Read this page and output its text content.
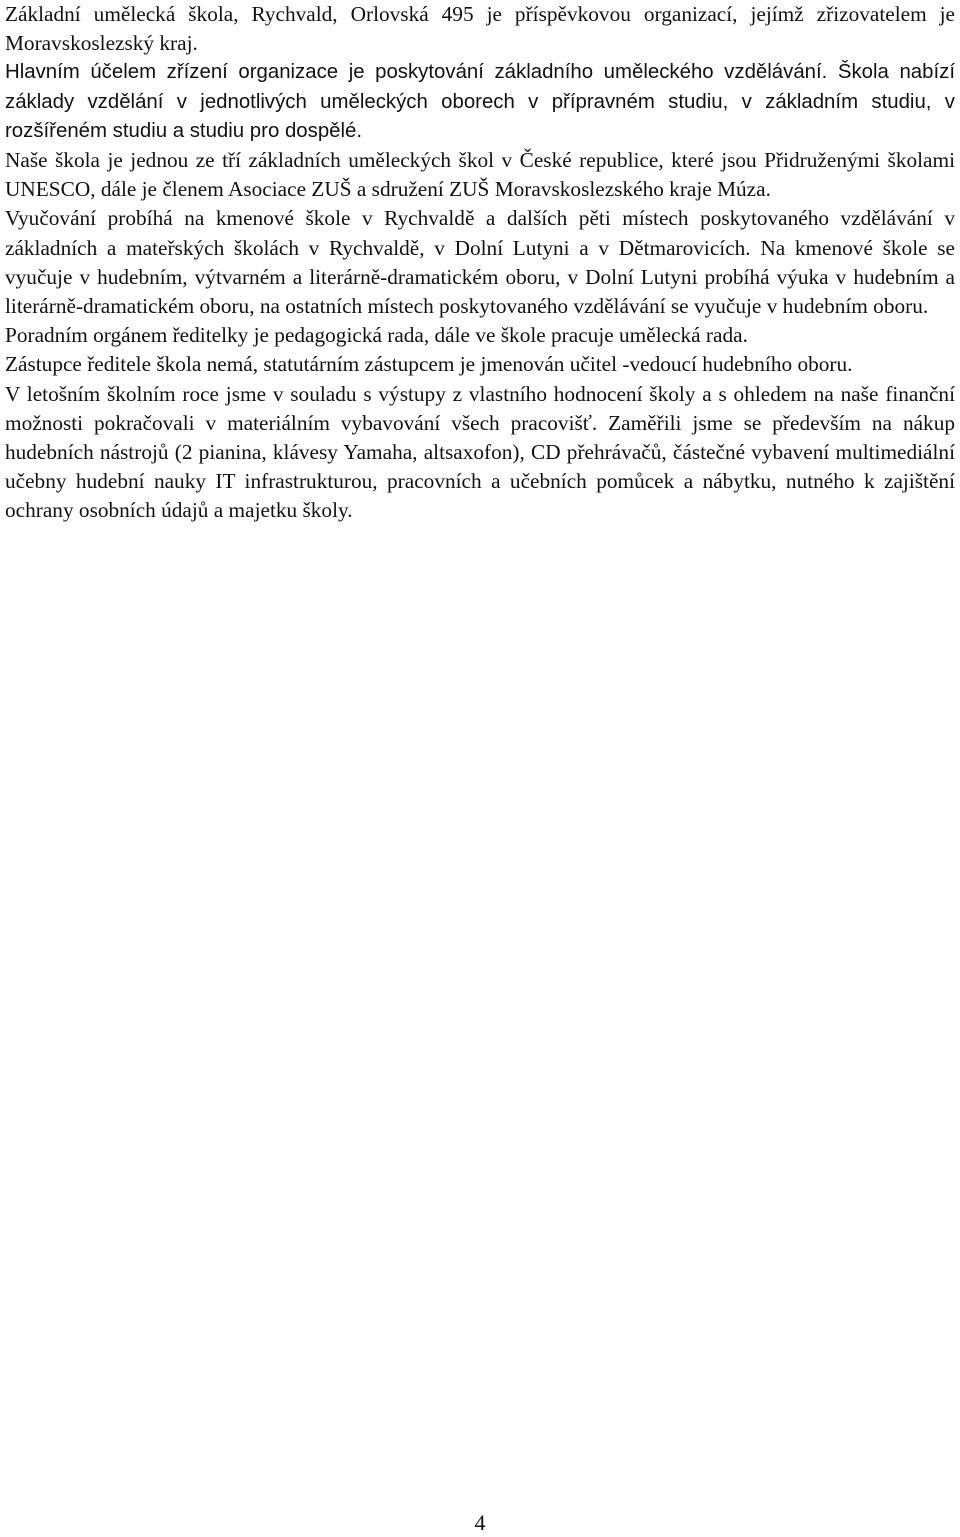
Základní umělecká škola, Rychvald, Orlovská 495 je příspěvkovou organizací, jejímž zřizovatelem je Moravskoslezský kraj.

Hlavním účelem zřízení organizace je poskytování základního uměleckého vzdělávání. Škola nabízí základy vzdělání v jednotlivých uměleckých oborech v přípravném studiu, v základním studiu, v rozšířeném studiu a studiu pro dospělé.

Naše škola je jednou ze tří základních uměleckých škol v České republice, které jsou Přidruženými školami UNESCO, dále je členem Asociace ZUŠ a sdružení ZUŠ Moravskoslezského kraje Múza.

Vyučování probíhá na kmenové škole v Rychvaldě a dalších pěti místech poskytovaného vzdělávání v základních a mateřských školách v Rychvaldě, v Dolní Lutyni a v Dětmarovicích. Na kmenové škole se vyučuje v hudebním, výtvarném a literárně-dramatickém oboru, v Dolní Lutyni probíhá výuka v hudebním a literárně-dramatickém oboru, na ostatních místech poskytovaného vzdělávání se vyučuje v hudebním oboru.

Poradním orgánem ředitelky je pedagogická rada, dále ve škole pracuje umělecká rada.

Zástupce ředitele škola nemá, statutárním zástupcem je jmenován učitel -vedoucí hudebního oboru.

V letošním školním roce jsme v souladu s výstupy z vlastního hodnocení školy a s ohledem na naše finanční možnosti pokračovali v materiálním vybavování všech pracovišť. Zaměřili jsme se především na nákup hudebních nástrojů (2 pianina, klávesy Yamaha, altsaxofon), CD přehrávačů, částečné vybavení multimediální učebny hudební nauky IT infrastrukturou, pracovních a učebních pomůcek a nábytku, nutného k zajištění ochrany osobních údajů a majetku školy.

4
